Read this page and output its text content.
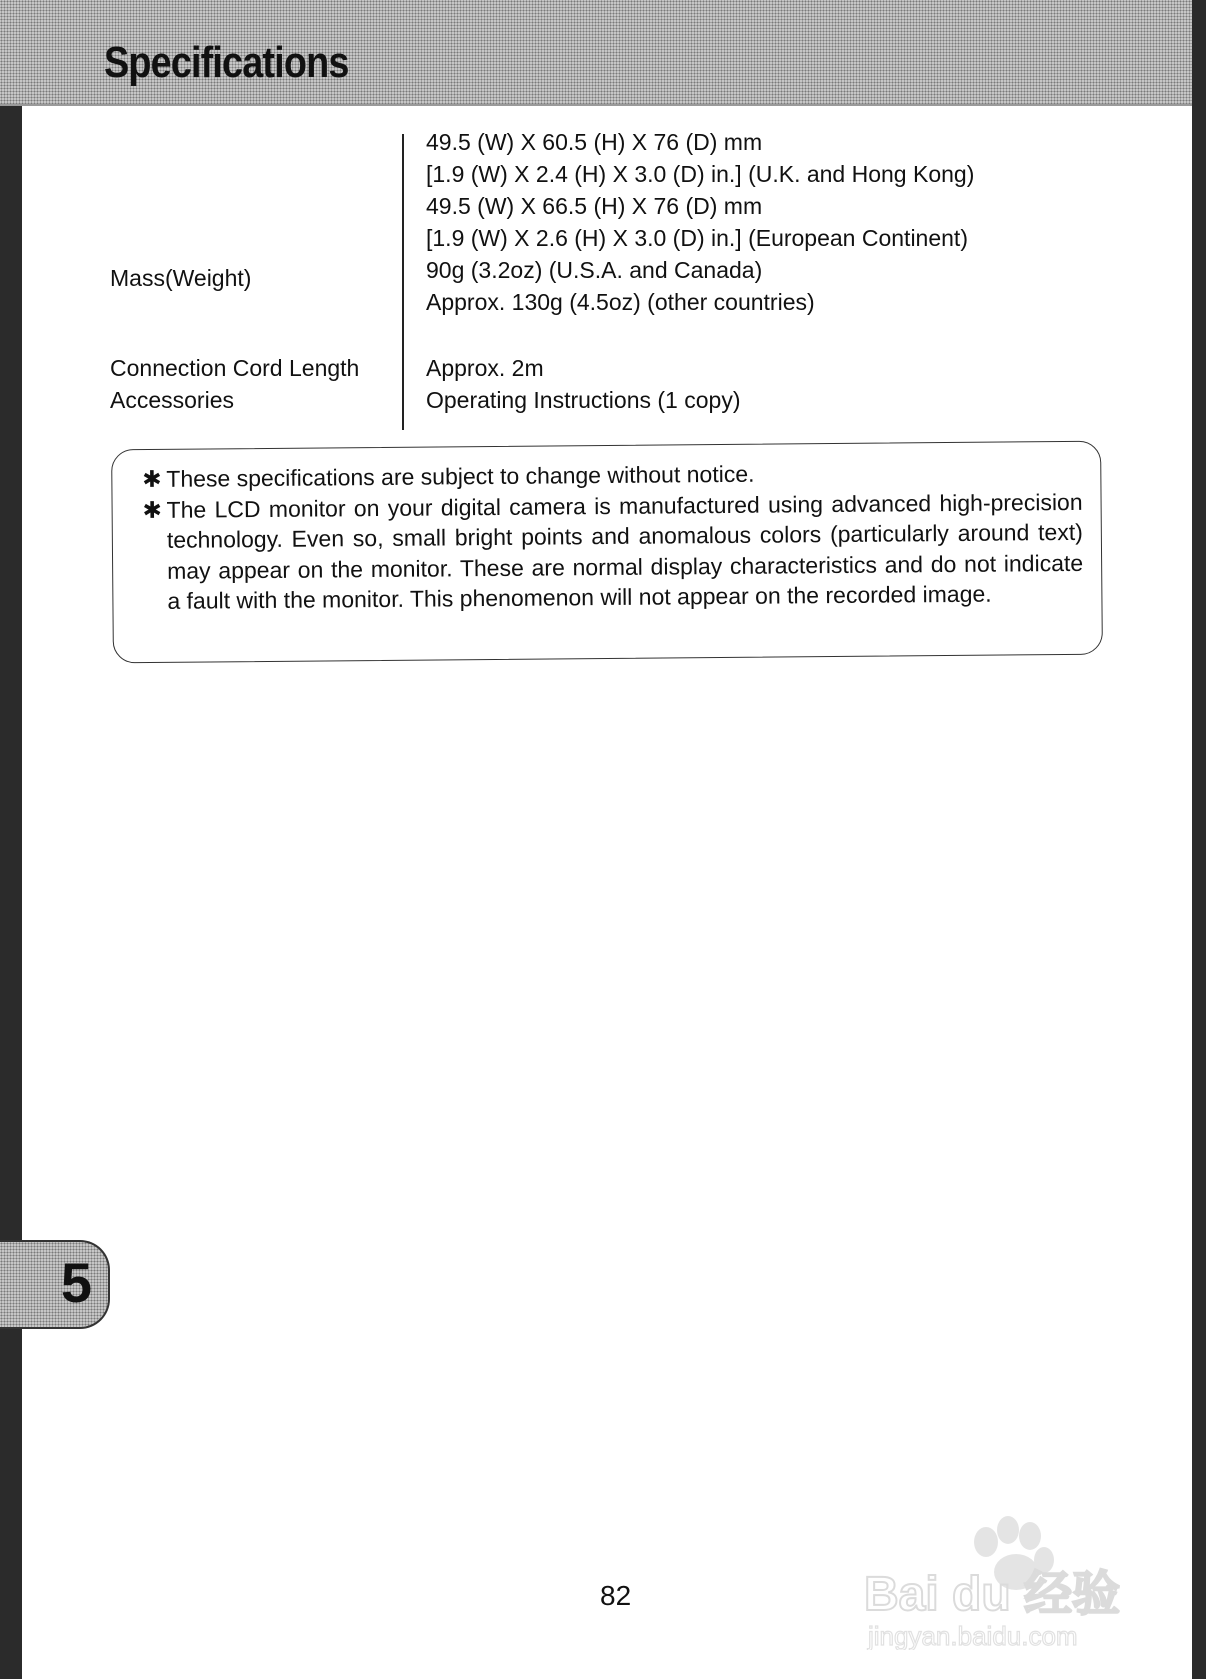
Specifications
Mass(Weight)
Connection Cord Length
Accessories
49.5 (W) X 60.5 (H) X 76 (D) mm
[1.9 (W) X 2.4 (H) X 3.0 (D) in.] (U.K. and Hong Kong)
49.5 (W) X 66.5 (H) X 76 (D) mm
[1.9 (W) X 2.6 (H) X 3.0 (D) in.] (European Continent)
90g (3.2oz) (U.S.A. and Canada)
Approx. 130g (4.5oz) (other countries)
Approx. 2m
Operating Instructions (1 copy)
✱ These specifications are subject to change without notice.
✱ The LCD monitor on your digital camera is manufactured using advanced high-precision technology. Even so, small bright points and anomalous colors (particularly around text) may appear on the monitor. These are normal display characteristics and do not indicate a fault with the monitor. This phenomenon will not appear on the recorded image.
5
82	Bai du 经验
jingyan.baidu.com
